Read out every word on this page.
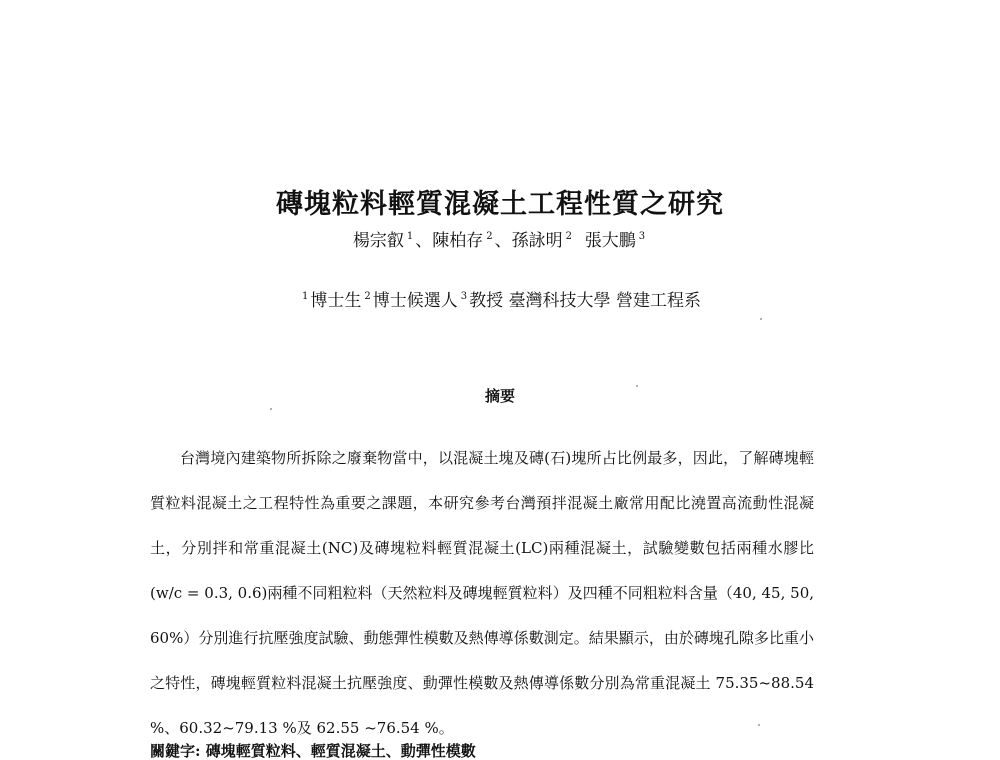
磚塊粒料輕質混凝土工程性質之研究
楊宗叡 $^1$ 、陳柏存 $^2$ 、孫詠明 $^2$ 張大鵬 $^3$
$^1$ 博士生 $^2$ 博士候選人 $^3$ 教授 臺灣科技大學 營建工程系
摘要

台灣境內建築物所拆除之廢棄物當中，以混凝土塊及磚(石)塊所占比例最多，因此，了解磚塊輕質粒料混凝土之工程特性為重要之課題，本研究參考台灣預拌混凝土廠常用配比澆置高流動性混凝土，分別拌和常重混凝土(NC)及磚塊粒料輕質混凝土(LC)兩種混凝土，試驗變數包括兩種水膠比(w/c = 0.3, 0.6)兩種不同粗粒料（天然粒料及磚塊輕質粒料）及四種不同粗粒料含量（40, 45, 50, 60%）分別進行抗壓強度試驗、動態彈性模數及熱傳導係數測定。結果顯示，由於磚塊孔隙多比重小之特性，磚塊輕質粒料混凝土抗壓強度、動彈性模數及熱傳導係數分別為常重混凝土 75.35~88.54 %、60.32~79.13 %及 62.55 ~76.54 %。

關鍵字: 磚塊輕質粒料、輕質混凝土、動彈性模數
